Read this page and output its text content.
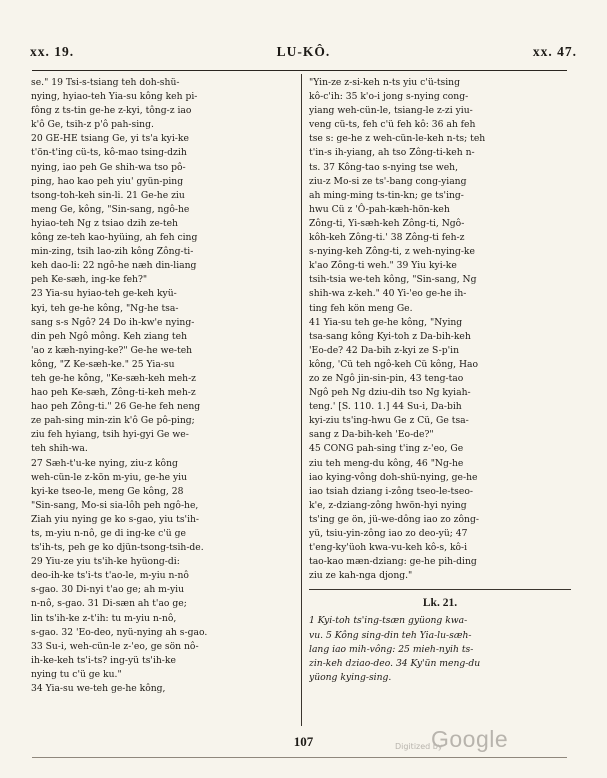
xx. 19.	LU-KÔ.	xx. 47.
se." 19 Tsi-s-tsiang teh doh-shü-
nying, hyiao-teh Yia-su kông keh pi-
fông z ts-tin ge-he z-kyi, tông-z iao
k'ô Ge, tsih-z p'ô pah-sing.
20 GE-HE tsiang Ge, yi ts'a kyi-ke
t'ön-t'ing cü-ts, kô-mao tsing-dzih
nying, iao peh Ge shih-wa tso pô-
ping, hao kao peh yiu' gyün-ping
tsong-toh-keh sin-li. 21 Ge-he ziu
meng Ge, kông, "Sin-sang, ngô-he
hyiao-teh Ng z tsiao dzih ze-teh
kông ze-teh kao-hyüing, ah feh cing
min-zing, tsih lao-zih kông Zông-ti-
keh dao-li: 22 ngô-he næh din-liang
peh Ke-sæh, ing-ke feh?"
23 Yia-su hyiao-teh ge-keh kyü-
kyi, teh ge-he kông, "Ng-he tsa-
sang s-s Ngô? 24 Do ih-kw'e nying-
din peh Ngô mông. Keh ziang teh
'ao z kæh-nying-ke?" Ge-he we-teh
kông, "Z Ke-sæh-ke." 25 Yia-su
teh ge-he kông, "Ke-sæh-keh meh-z
hao peh Ke-sæh, Zông-ti-keh meh-z
hao peh Zông-ti." 26 Ge-he feh neng
ze pah-sing min-zin k'ô Ge pô-ping;
ziu feh hyiang, tsih hyi-gyi Ge we-
teh shih-wa.
27 Sæh-t'u-ke nying, ziu-z kông
weh-cün-le z-kön m-yiu, ge-he yiu
kyi-ke tseo-le, meng Ge kông, 28
"Sin-sang, Mo-si sia-lôh peh ngô-he,
Ziah yiu nying ge ko s-gao, yiu ts'ih-
ts, m-yiu n-nô, ge di ing-ke c'ü ge
ts'ih-ts, peh ge ko djün-tsong-tsih-de.
29 Yiu-ze yiu ts'ih-ke hyüong-di:
deo-ih-ke ts'i-ts t'ao-le, m-yiu n-nô
s-gao. 30 Di-nyi t'ao ge; ah m-yiu
n-nô, s-gao. 31 Di-sæn ah t'ao ge;
lin ts'ih-ke z-t'ih: tu m-yiu n-nô,
s-gao. 32 'Eo-deo, nyü-nying ah s-gao.
33 Su-i, weh-cün-le z-'eo, ge sön nô-
ih-ke-keh ts'i-ts? ing-yü ts'ih-ke
nying tu c'ü ge ku."
34 Yia-su we-teh ge-he kông,
"Yin-ze z-si-keh n-ts yiu c'ü-tsing
kô-c'ih: 35 k'o-i jong s-nying cong-
yiang weh-cün-le, tsiang-le z-zi yiu-
veng cü-ts, feh c'ü feh kô: 36 ah feh
tse s: ge-he z weh-cün-le-keh n-ts; teh
t'in-s ih-yiang, ah tso Zông-ti-keh n-
ts. 37 Kông-tao s-nying tse weh,
ziu-z Mo-si ze ts'-bang cong-yiang
ah ming-ming ts-tin-kn; ge ts'ing-
hwu Cü z 'Ô-pah-kæh-hön-keh
Zông-ti, Yi-sæh-keh Zông-ti, Ngô-
kôh-keh Zông-ti.' 38 Zông-ti feh-z
s-nying-keh Zông-ti, z weh-nying-ke
k'ao Zông-ti weh." 39 Yiu kyi-ke
tsih-tsia we-teh kông, "Sin-sang, Ng
shih-wa z-keh." 40 Yi-'eo ge-he ih-
ting feh kön meng Ge.
41 Yia-su teh ge-he kông, "Nying
tsa-sang kông Kyi-toh z Da-bih-keh
'Eo-de? 42 Da-bih z-kyi ze S-p'in
kông, 'Cü teh ngô-keh Cü kông, Hao
zo ze Ngô jin-sin-pin, 43 teng-tao
Ngô peh Ng dziu-dih tso Ng kyiah-
teng.' [S. 110. 1.] 44 Su-i, Da-bih
kyi-ziu ts'ing-hwu Ge z Cü, Ge tsa-
sang z Da-bih-keh 'Eo-de?"
45 CONG pah-sing t'ing z-'eo, Ge
ziu teh meng-du kông, 46 "Ng-he
iao kying-vông doh-shü-nying, ge-he
iao tsiah dziang i-zông tseo-le-tseo-
k'e, z-dziang-zông hwön-hyi nying
ts'ing ge ön, jü-we-dông iao zo zông-
yü, tsiu-yin-zông iao zo deo-yü; 47
t'eng-ky'üoh kwa-vu-keh kô-s, kô-i
tao-kao mæn-dziang: ge-he pih-ding
ziu ze kah-nga djong."
Lk. 21.
1 Kyi-toh ts'ing-tsæn gyüong kwa-
vu. 5 Kông sing-din teh Yia-lu-sæh-
lang iao mih-vông: 25 mieh-nyih ts-
zin-keh dziao-deo. 34 Ky'ün meng-du
yüong kying-sing.
107	Digitized by
Google
